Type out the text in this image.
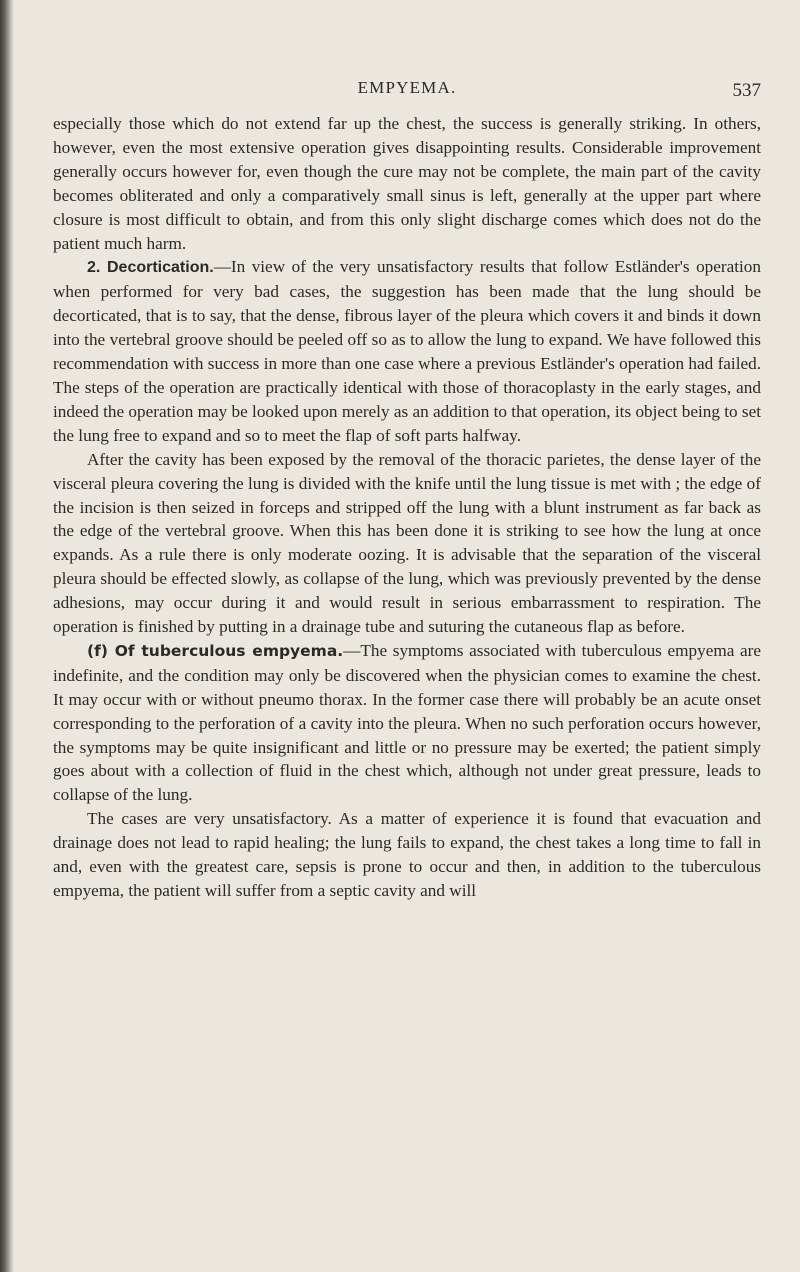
EMPYEMA.	537

especially those which do not extend far up the chest, the success is generally striking. In others, however, even the most extensive operation gives disappointing results. Considerable improvement generally occurs however for, even though the cure may not be complete, the main part of the cavity becomes obliterated and only a comparatively small sinus is left, generally at the upper part where closure is most difficult to obtain, and from this only slight discharge comes which does not do the patient much harm.

2. Decortication.—In view of the very unsatisfactory results that follow Estländer's operation when performed for very bad cases, the suggestion has been made that the lung should be decorticated, that is to say, that the dense, fibrous layer of the pleura which covers it and binds it down into the vertebral groove should be peeled off so as to allow the lung to expand. We have followed this recommendation with success in more than one case where a previous Estländer's operation had failed. The steps of the operation are practically identical with those of thoracoplasty in the early stages, and indeed the operation may be looked upon merely as an addition to that operation, its object being to set the lung free to expand and so to meet the flap of soft parts halfway.

After the cavity has been exposed by the removal of the thoracic parietes, the dense layer of the visceral pleura covering the lung is divided with the knife until the lung tissue is met with ; the edge of the incision is then seized in forceps and stripped off the lung with a blunt instrument as far back as the edge of the vertebral groove. When this has been done it is striking to see how the lung at once expands. As a rule there is only moderate oozing. It is advisable that the separation of the visceral pleura should be effected slowly, as collapse of the lung, which was previously prevented by the dense adhesions, may occur during it and would result in serious embarrassment to respiration. The operation is finished by putting in a drainage tube and suturing the cutaneous flap as before.

(f) Of tuberculous empyema.—The symptoms associated with tuberculous empyema are indefinite, and the condition may only be discovered when the physician comes to examine the chest. It may occur with or without pneumo thorax. In the former case there will probably be an acute onset corresponding to the perforation of a cavity into the pleura. When no such perforation occurs however, the symptoms may be quite insignificant and little or no pressure may be exerted; the patient simply goes about with a collection of fluid in the chest which, although not under great pressure, leads to collapse of the lung.

The cases are very unsatisfactory. As a matter of experience it is found that evacuation and drainage does not lead to rapid healing; the lung fails to expand, the chest takes a long time to fall in and, even with the greatest care, sepsis is prone to occur and then, in addition to the tuberculous empyema, the patient will suffer from a septic cavity and will
